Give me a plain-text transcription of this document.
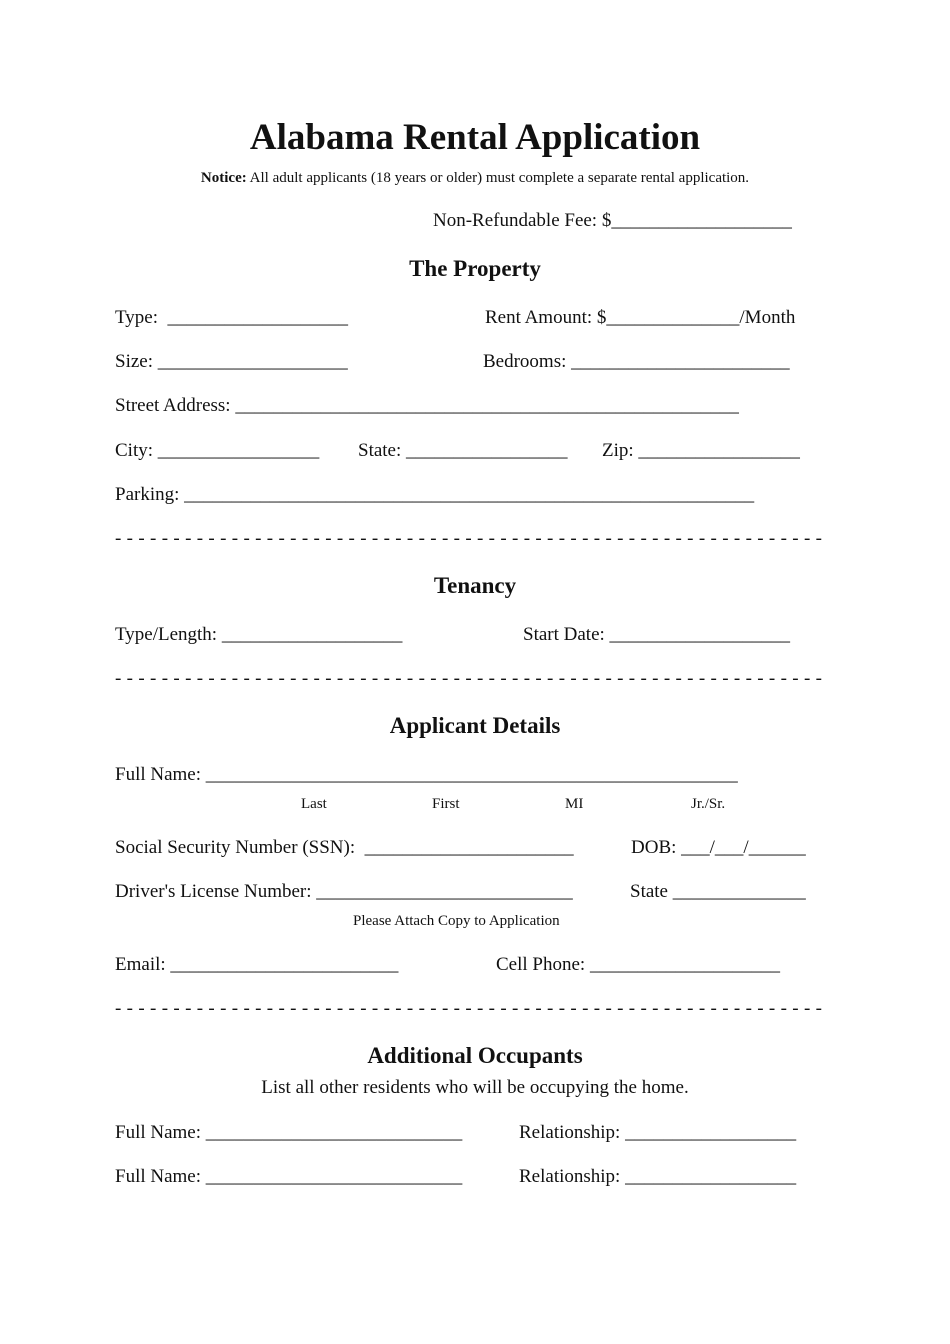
Alabama Rental Application
Notice: All adult applicants (18 years or older) must complete a separate rental application.
Non-Refundable Fee: $___________________
The Property
Type:  ___________________	Rent Amount: $______________/Month
Size: ____________________	Bedrooms: _______________________
Street Address: _____________________________________________________
City: _________________ State: _________________ Zip: _________________
Parking: ____________________________________________________________
- - - - - - - - - - - - - - - - - - - - - - - - - - - - - - - - - - - - - - - - - - - - - - - - - - - - - - - - - - - - -
Tenancy
Type/Length: ___________________	Start Date: ___________________
- - - - - - - - - - - - - - - - - - - - - - - - - - - - - - - - - - - - - - - - - - - - - - - - - - - - - - - - - - - - -
Applicant Details
Full Name: ________________________________________________________
Last	First	MI	Jr./Sr.
Social Security Number (SSN):  ______________________	DOB: ___/___/______
Driver's License Number: ___________________________	State ______________
Please Attach Copy to Application
Email: ________________________	Cell Phone: ____________________
- - - - - - - - - - - - - - - - - - - - - - - - - - - - - - - - - - - - - - - - - - - - - - - - - - - - - - - - - - - - -
Additional Occupants
List all other residents who will be occupying the home.
Full Name: ___________________________	Relationship: __________________
Full Name: ___________________________	Relationship: __________________
